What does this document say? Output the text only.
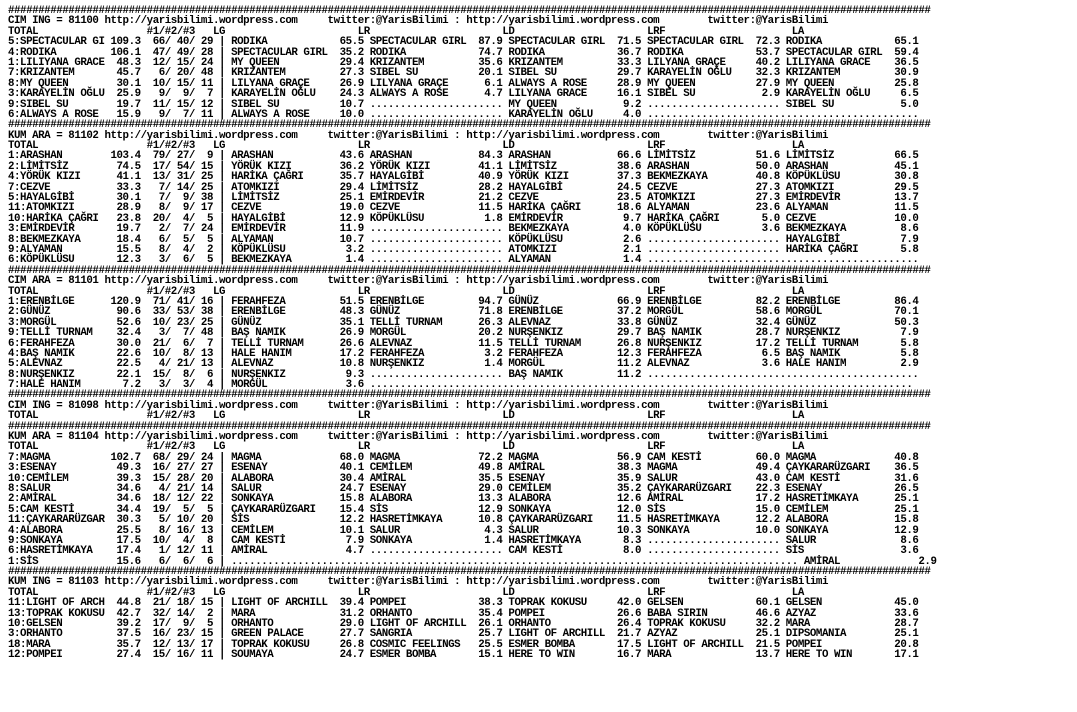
#########################################################################################################################################################
CIM ING = 81100 http://yarisbilimi.wordpress.com     twitter:@YarisBilimi : http://yarisbilimi.wordpress.com        twitter:@YarisBilimi
TOTAL                  #1/#2/#3   LG                      LR                      LD                      LRF                     LA
5:SPECTACULAR GI 109.3  66/ 40/ 29 | RODIKA            65.5 SPECTACULAR GIRL  87.9 SPECTACULAR GIRL  71.5 SPECTACULAR GIRL  72.3 RODIKA            65.1
4:RODIKA         106.1  47/ 49/ 28 | SPECTACULAR GIRL  35.2 RODIKA            74.7 RODIKA            36.7 RODIKA            53.7 SPECTACULAR GIRL  59.4
1:LILIYANA GRACE  48.3  12/ 15/ 24 | MY QUEEN          29.4 KRIZANTEM         35.6 KRIZANTEM         33.3 LILYANA GRAÇE     40.2 LILIYANA GRACE    36.5
7:KRIZANTEM       45.7   6/ 20/ 48 | KRIZANTEM         27.3 SIBEL SU          20.1 SIBEL SU          29.7 KARAYELİN OĞLU    32.3 KRIZANTEM         30.9
8:MY QUEEN        30.1  10/ 15/ 11 | LILYANA GRAÇE     26.9 LILYANA GRAÇE      6.1 ALWAYS A ROSE     28.9 MY QUEEN          27.9 MY QUEEN          25.8
3:KARAYELİN OĞLU  25.9   9/  9/  7 | KARAYELİN OĞLU    24.3 ALWAYS A ROSE      4.7 LILYANA GRACE     16.1 SIBEL SU           2.9 KARAYELİN OĞLU     6.5
9:SIBEL SU        19.7  11/ 15/ 12 | SIBEL SU          10.7 ...................... MY QUEEN           9.2 ...................... SIBEL SU           5.0
6:ALWAYS A ROSE   15.9   9/  7/ 11 | ALWAYS A ROSE     10.0 ...................... KARAYELİN OĞLU     4.0 .............................................
#########################################################################################################################################################
KUM ARA = 81102 http://yarisbilimi.wordpress.com     twitter:@YarisBilimi : http://yarisbilimi.wordpress.com        twitter:@YarisBilimi
TOTAL                  #1/#2/#3   LG                      LR                      LD                      LRF                     LA
1:ARASHAN        103.4  79/ 27/  9 | ARASHAN           43.6 ARASHAN           84.3 ARASHAN           66.6 LİMİTSİZ          51.6 LİMİTSİZ          66.5
2:LİMİTSİZ        74.5  17/ 54/ 15 | YÖRÜK KIZI        36.2 YÖRÜK KIZI        41.1 LİMİTSİZ          38.6 ARASHAN           50.0 ARASHAN           45.1
4:YÖRÜK KIZI      41.1  13/ 31/ 25 | HARİKA ÇAĞRI      35.7 HAYALGİBİ         40.9 YÖRÜK KIZI        37.3 BEKMEZKAYA        40.8 KÖPÜKLÜSU         30.8
7:CEZVE           33.3   7/ 14/ 25 | ATOMKIZI          29.4 LİMİTSİZ          28.2 HAYALGİBİ         24.5 CEZVE             27.3 ATOMKIZI          29.5
5:HAYALGİBİ       30.1   7/  9/ 38 | LİMİTSİZ          25.1 EMİRDEVİR         21.2 CEZVE             23.5 ATOMKIZI          27.3 EMİRDEVİR         13.7
11:ATOMKIZI       28.9   8/  9/ 17 | CEZVE             19.0 CEZVE             11.5 HARİKA ÇAĞRI      18.6 ALYAMAN           23.6 ALYAMAN           11.5
10:HARİKA ÇAĞRI   23.8  20/  4/  5 | HAYALGİBİ         12.9 KÖPÜKLÜSU          1.8 EMİRDEVİR          9.7 HARİKA ÇAĞRI       5.0 CEZVE             10.0
3:EMİRDEVİR       19.7   2/  7/ 24 | EMİRDEVİR         11.9 ...................... BEKMEZKAYA         4.0 KÖPÜKLÜSU          3.6 BEKMEZKAYA         8.6
8:BEKMEZKAYA      18.4   6/  5/  5 | ALYAMAN           10.7 ...................... KÖPÜKLÜSU          2.6 ...................... HAYALGİBİ          7.9
9:ALYAMAN         15.5   8/  4/  2 | KÖPÜKLÜSU          3.2 ...................... ATOMKIZI           2.1 ...................... HARİKA ÇAĞRI       5.8
6:KÖPÜKLÜSU       12.3   3/  6/  5 | BEKMEZKAYA         1.4 ...................... ALYAMAN            1.4 .............................................
#########################################################################################################################################################
CIM ARA = 81101 http://yarisbilimi.wordpress.com     twitter:@YarisBilimi : http://yarisbilimi.wordpress.com        twitter:@YarisBilimi
TOTAL                  #1/#2/#3   LG                      LR                      LD                      LRF                     LA
1:ERENBİLGE      120.9  71/ 41/ 16 | FERAHFEZA         51.5 ERENBİLGE         94.7 GÜNÜZ             66.9 ERENBİLGE         82.2 ERENBİLGE         86.4
2:GÜNÜZ           90.6  33/ 53/ 38 | ERENBİLGE         48.3 GÜNÜZ             71.8 ERENBİLGE         37.2 MORGÜL            58.6 MORGÜL            70.1
3:MORGÜL          52.6  10/ 23/ 25 | GÜNÜZ             35.1 TELLİ TURNAM      26.3 ALEVNAZ           33.8 GÜNÜZ             32.4 GÜNÜZ             50.3
9:TELLİ TURNAM    32.4   3/  7/ 48 | BAŞ NAMIK         26.9 MORGÜL            20.2 NURŞENKIZ         29.7 BAŞ NAMIK         28.7 NURŞENKIZ          7.9
6:FERAHFEZA       30.0  21/  6/  7 | TELLİ TURNAM      26.6 ALEVNAZ           11.5 TELLİ TURNAM      26.8 NURŞENKIZ         17.2 TELLİ TURNAM       5.8
4:BAŞ NAMIK       22.6  10/  8/ 13 | HALE HANIM        17.2 FERAHFEZA          3.2 FERAHFEZA         12.3 FERAHFEZA          6.5 BAŞ NAMIK          5.8
5:ALEVNAZ         22.5   4/ 21/ 13 | ALEVNAZ           10.8 NURŞENKIZ          1.4 MORGÜL            11.2 ALEVNAZ            3.6 HALE HANIM         2.9
8:NURŞENKIZ       22.1  15/  8/  6 | NURŞENKIZ          9.3 ...................... BAŞ NAMIK         11.2 .............................................
7:HALE HANIM       7.2   3/  3/  4 | MORGÜL             3.6 ..........................................................................................
#########################################################################################################################################################
CIM ING = 81098 http://yarisbilimi.wordpress.com     twitter:@YarisBilimi : http://yarisbilimi.wordpress.com        twitter:@YarisBilimi
TOTAL                  #1/#2/#3   LG                      LR                      LD                      LRF                     LA
#########################################################################################################################################################
KUM ARA = 81104 http://yarisbilimi.wordpress.com     twitter:@YarisBilimi : http://yarisbilimi.wordpress.com        twitter:@YarisBilimi
TOTAL                  #1/#2/#3   LG                      LR                      LD                      LRF                     LA
7:MAGMA          102.7  68/ 29/ 24 | MAGMA             68.0 MAGMA             72.2 MAGMA             56.9 CAM KESTİ         60.0 MAGMA             40.8
3:ESENAY          49.3  16/ 27/ 27 | ESENAY            40.1 CEMİLEM           49.8 AMİRAL            38.3 MAGMA             49.4 ÇAYKARARÜZGARI    36.5
10:CEMİLEM        39.3  15/ 28/ 20 | ALABORA           30.4 AMİRAL            35.5 ESENAY            35.9 SALUR             43.0 CAM KESTİ         31.6
8:SALUR           34.6   4/ 21/ 14 | SALUR             24.7 ESENAY            29.0 CEMİLEM           35.2 ÇAYKARARÜZGARI    22.3 ESENAY            26.5
2:AMİRAL          34.6  18/ 12/ 22 | SONKAYA           15.8 ALABORA           13.3 ALABORA           12.6 AMİRAL            17.2 HASRETİMKAYA      25.1
5:CAM KESTİ       34.4  19/  5/  5 | ÇAYKARARÜZGARI    15.4 SİS               12.9 SONKAYA           12.0 SİS               15.0 CEMİLEM           25.1
11:ÇAYKARARÜZGAR  30.3   5/ 10/ 20 | SİS               12.2 HASRETİMKAYA      10.8 ÇAYKARARÜZGARI    11.5 HASRETİMKAYA      12.2 ALABORA           15.8
4:ALABORA         25.5   8/ 16/ 13 | CEMİLEM           10.1 SALUR              4.3 SALUR             10.3 SONKAYA           10.0 SONKAYA           12.9
9:SONKAYA         17.5  10/  4/  8 | CAM KESTİ          7.9 SONKAYA            1.4 HASRETİMKAYA       8.3 ...................... SALUR              8.6
6:HASRETİMKAYA    17.4   1/ 12/ 11 | AMİRAL             4.7 ...................... CAM KESTİ          8.0 ...................... SİS                3.6
1:SİS             15.6   6/  6/  6 | .............................................................................................. AMİRAL             2.9
#########################################################################################################################################################
KUM ING = 81103 http://yarisbilimi.wordpress.com     twitter:@YarisBilimi : http://yarisbilimi.wordpress.com        twitter:@YarisBilimi
TOTAL                  #1/#2/#3   LG                      LR                      LD                      LRF                     LA
11:LIGHT OF ARCH  44.8  21/ 18/ 15 | LIGHT OF ARCHILL  39.4 POMPEI            38.3 TOPRAK KOKUSU     42.0 GELSEN            60.1 GELSEN            45.0
13:TOPRAK KOKUSU  42.7  32/ 14/  2 | MARA              31.2 ORHANTO           35.4 POMPEI            26.6 BABA SIRIN        46.6 AZYAZ             33.6
10:GELSEN         39.2  17/  9/  5 | ORHANTO           29.0 LIGHT OF ARCHILL  26.1 ORHANTO           26.4 TOPRAK KOKUSU     32.2 MARA              28.7
3:ORHANTO         37.5  16/ 23/ 15 | GREEN PALACE      27.7 SANGRIA           25.7 LIGHT OF ARCHILL  21.7 AZYAZ             25.1 DIPSOMANIA        25.1
18:MARA           35.7  12/ 13/ 17 | TOPRAK KOKUSU     26.8 COSMIC FEELINGS   25.5 ESMER BOMBA       17.5 LIGHT OF ARCHILL  21.5 POMPEI            20.8
12:POMPEI         27.4  15/ 16/ 11 | SOUMAYA           24.7 ESMER BOMBA       15.1 HERE TO WIN       16.7 MARA              13.7 HERE TO WIN       17.1
